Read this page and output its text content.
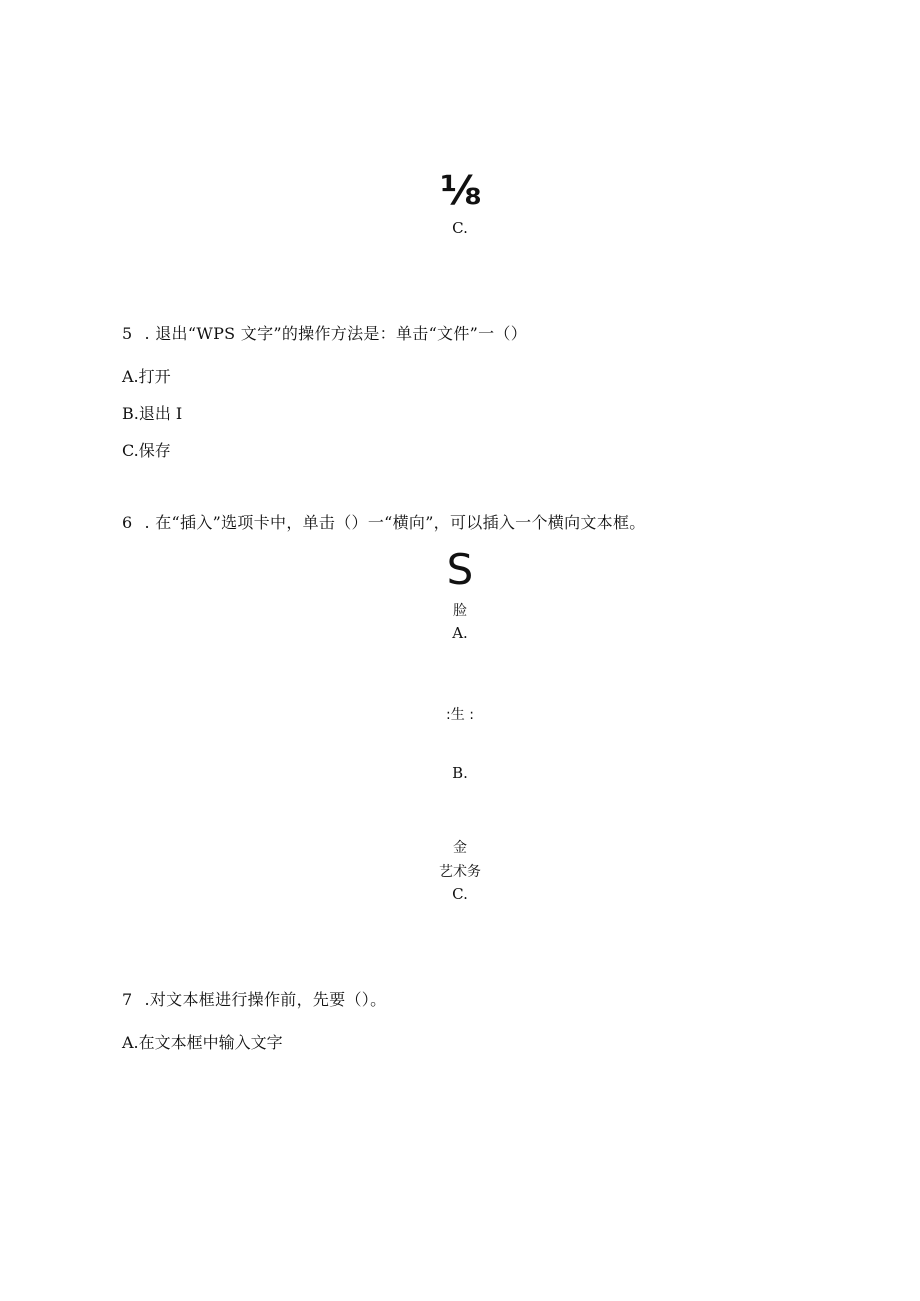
⅛
C.
5 . 退出“WPS 文字”的操作方法是：单击“文件”一（）
A.打开
B.退出 I
C.保存
6 . 在“插入”选项卡中，单击（）一“横向”，可以插入一个横向文本框。
S
脸
A.
:生 :
B.
金
艺术务
C.
7 .对文本框进行操作前，先要（）。
A.在文本框中输入文字
